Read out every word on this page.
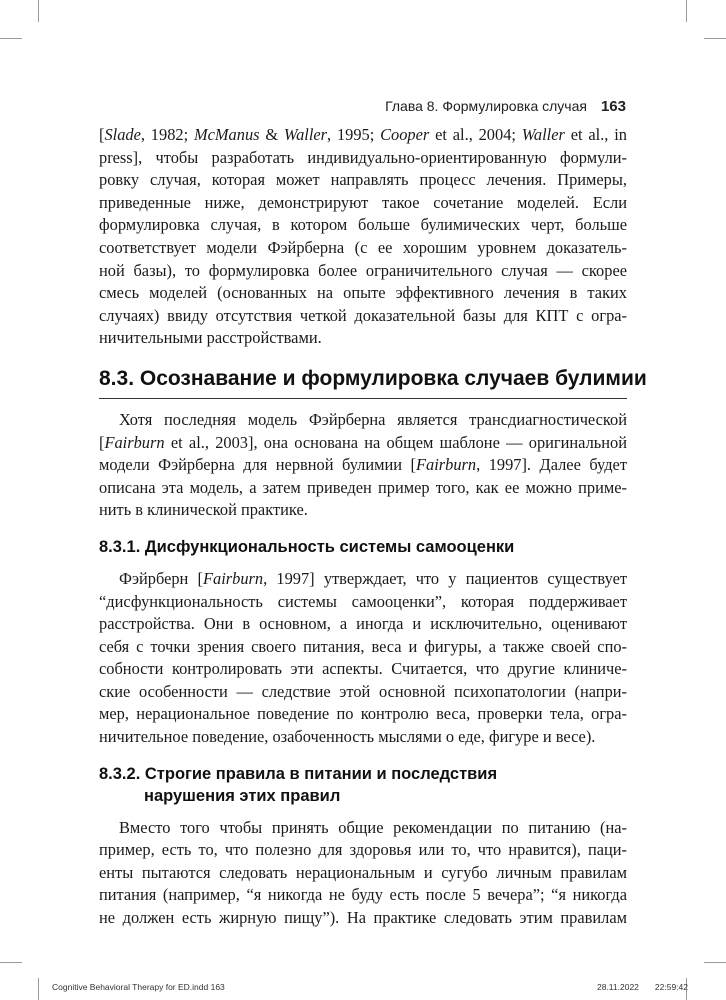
Глава 8. Формулировка случая 163
[Slade, 1982; McManus & Waller, 1995; Cooper et al., 2004; Waller et al., in
press], чтобы разработать индивидуально-ориентированную формули-
ровку случая, которая может направлять процесс лечения. Примеры,
приведенные ниже, демонстрируют такое сочетание моделей. Если
формулировка случая, в котором больше булимических черт, больше
соответствует модели Фэйрберна (с ее хорошим уровнем доказатель-
ной базы), то формулировка более ограничительного случая — скорее
смесь моделей (основанных на опыте эффективного лечения в таких
случаях) ввиду отсутствия четкой доказательной базы для КПТ с огра-
ничительными расстройствами.
8.3. Осознавание и формулировка случаев булимии
Хотя последняя модель Фэйрберна является трансдиагностической
[Fairburn et al., 2003], она основана на общем шаблоне — оригинальной
модели Фэйрберна для нервной булимии [Fairburn, 1997]. Далее будет
описана эта модель, а затем приведен пример того, как ее можно приме-
нить в клинической практике.
8.3.1. Дисфункциональность системы самооценки
Фэйрберн [Fairburn, 1997] утверждает, что у пациентов существует
“дисфункциональность системы самооценки”, которая поддерживает
расстройства. Они в основном, а иногда и исключительно, оценивают
себя с точки зрения своего питания, веса и фигуры, а также своей спо-
собности контролировать эти аспекты. Считается, что другие клиниче-
ские особенности — следствие этой основной психопатологии (напри-
мер, нерациональное поведение по контролю веса, проверки тела, огра-
ничительное поведение, озабоченность мыслями о еде, фигуре и весе).
8.3.2. Строгие правила в питании и последствия
нарушения этих правил
Вместо того чтобы принять общие рекомендации по питанию (на-
пример, есть то, что полезно для здоровья или то, что нравится), паци-
енты пытаются следовать нерациональным и сугубо личным правилам
питания (например, “я никогда не буду есть после 5 вечера”; “я никогда
не должен есть жирную пищу”). На практике следовать этим правилам
Cognitive Behavioral Therapy for ED.indd 163	28.11.2022 22:59:42
